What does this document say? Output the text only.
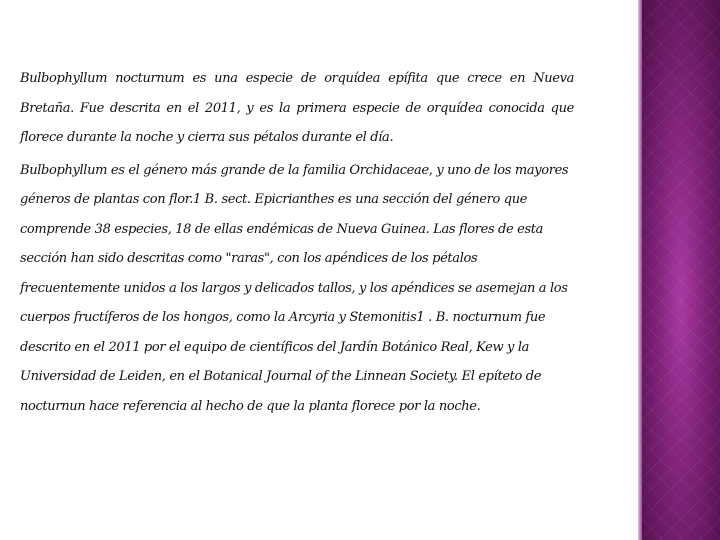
Bulbophyllum nocturnum es una especie de orquídea epífita que crece en Nueva Bretaña. Fue descrita en el 2011, y es la primera especie de orquídea conocida que florece durante la noche y cierra sus pétalos durante el día.

Bulbophyllum es el género más grande de la familia Orchidaceae, y uno de los mayores géneros de plantas con flor.1 B. sect. Epicrianthes es una sección del género que comprende 38 especies, 18 de ellas endémicas de Nueva Guinea. Las flores de esta sección han sido descritas como "raras", con los apéndices de los pétalos frecuentemente unidos a los largos y delicados tallos, y los apéndices se asemejan a los cuerpos fructíferos de los hongos, como la Arcyria y Stemonitis1 . B. nocturnum fue descrito en el 2011 por el equipo de científicos del Jardín Botánico Real, Kew y la Universidad de Leiden, en el Botanical Journal of the Linnean Society. El epíteto de nocturnun hace referencia al hecho de que la planta florece por la noche.
